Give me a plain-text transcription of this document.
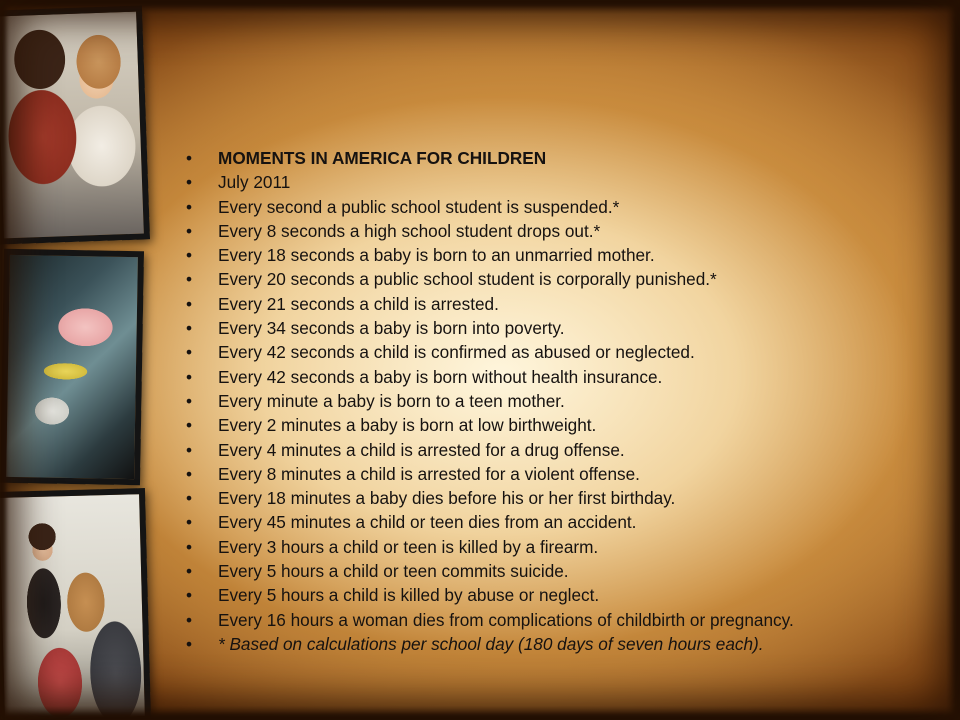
•	MOMENTS IN AMERICA FOR CHILDREN
•	July 2011
•	Every second a public school student is suspended.*
•	Every 8 seconds a high school student drops out.*
•	Every 18 seconds a baby is born to an unmarried mother.
•	Every 20 seconds a public school student is corporally punished.*
•	Every 21 seconds a child is arrested.
•	Every 34 seconds a baby is born into poverty.
•	Every 42 seconds a child is confirmed as abused or neglected.
•	Every 42 seconds a baby is born without health insurance.
•	Every minute a baby is born to a teen mother.
•	Every 2 minutes a baby is born at low birthweight.
•	Every 4 minutes a child is arrested for a drug offense.
•	Every 8 minutes a child is arrested for a violent offense.
•	Every 18 minutes a baby dies before his or her first birthday.
•	Every 45 minutes a child or teen dies from an accident.
•	Every 3 hours a child or teen is killed by a firearm.
•	Every 5 hours a child or teen commits suicide.
•	Every 5 hours a child is killed by abuse or neglect.
•	Every 16 hours a woman dies from complications of childbirth or pregnancy.
•	* Based on calculations per school day (180 days of seven hours each).
